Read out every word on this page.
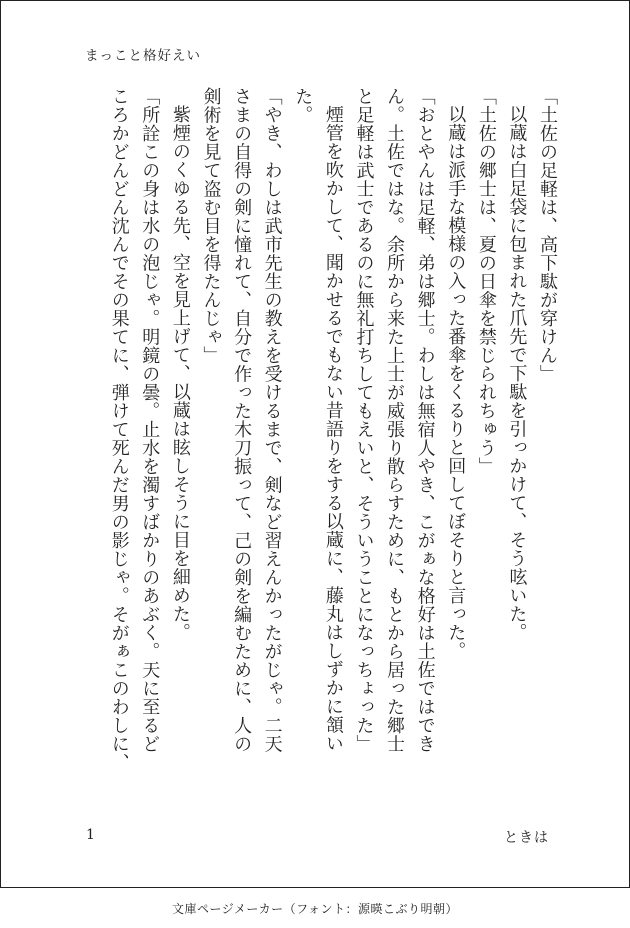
まっこと格好えい
「土佐の足軽は、高下駄が穿けん」
以蔵は白足袋に包まれた爪先で下駄を引っかけて、そう呟いた。
「土佐の郷士は、夏の日傘を禁じられちゅう」
以蔵は派手な模様の入った番傘をくるりと回してぼそりと言った。
「おとやんは足軽、弟は郷士。わしは無宿人やき、こがぁな格好は土佐ではでき
ん。土佐ではな。余所から来た上士が威張り散らすために、もとから居った郷士
と足軽は武士であるのに無礼打ちしてもえいと、そういうことになっちょった」
煙管を吹かして、聞かせるでもない昔語りをする以蔵に、藤丸はしずかに頷い
た。
「やき、わしは武市先生の教えを受けるまで、剣など習えんかったがじゃ。二天
さまの自得の剣に憧れて、自分で作った木刀振って、己の剣を編むために、人の
剣術を見て盗む目を得たんじゃ」
紫煙のくゆる先、空を見上げて、以蔵は眩しそうに目を細めた。
「所詮この身は水の泡じゃ。明鏡の曇。止水を濁すばかりのあぶく。天に至るど
ころかどんどん沈んでその果てに、弾けて死んだ男の影じゃ。そがぁこのわしに、
1	ときは
文庫ページメーカー（フォント：源暎こぶり明朝）
